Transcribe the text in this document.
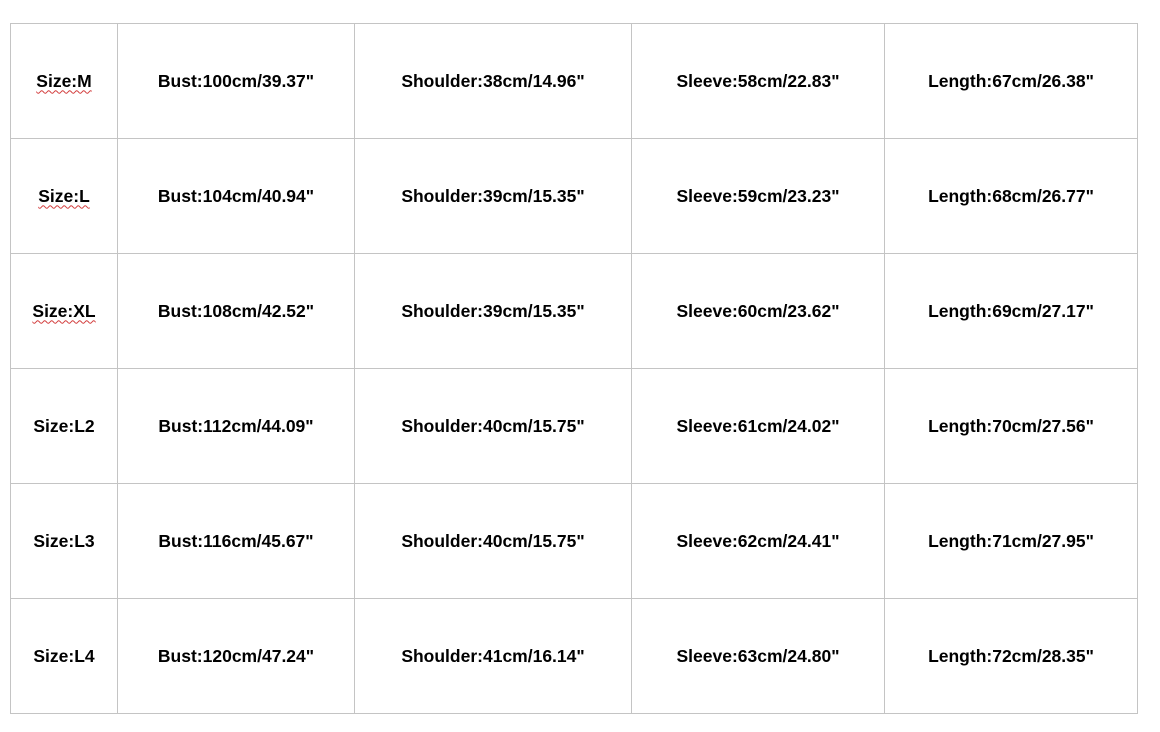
Size:M	Bust:100cm/39.37"	Shoulder:38cm/14.96"	Sleeve:58cm/22.83"	Length:67cm/26.38"
Size:L	Bust:104cm/40.94"	Shoulder:39cm/15.35"	Sleeve:59cm/23.23"	Length:68cm/26.77"
Size:XL	Bust:108cm/42.52"	Shoulder:39cm/15.35"	Sleeve:60cm/23.62"	Length:69cm/27.17"
Size:L2	Bust:112cm/44.09"	Shoulder:40cm/15.75"	Sleeve:61cm/24.02"	Length:70cm/27.56"
Size:L3	Bust:116cm/45.67"	Shoulder:40cm/15.75"	Sleeve:62cm/24.41"	Length:71cm/27.95"
Size:L4	Bust:120cm/47.24"	Shoulder:41cm/16.14"	Sleeve:63cm/24.80"	Length:72cm/28.35"
